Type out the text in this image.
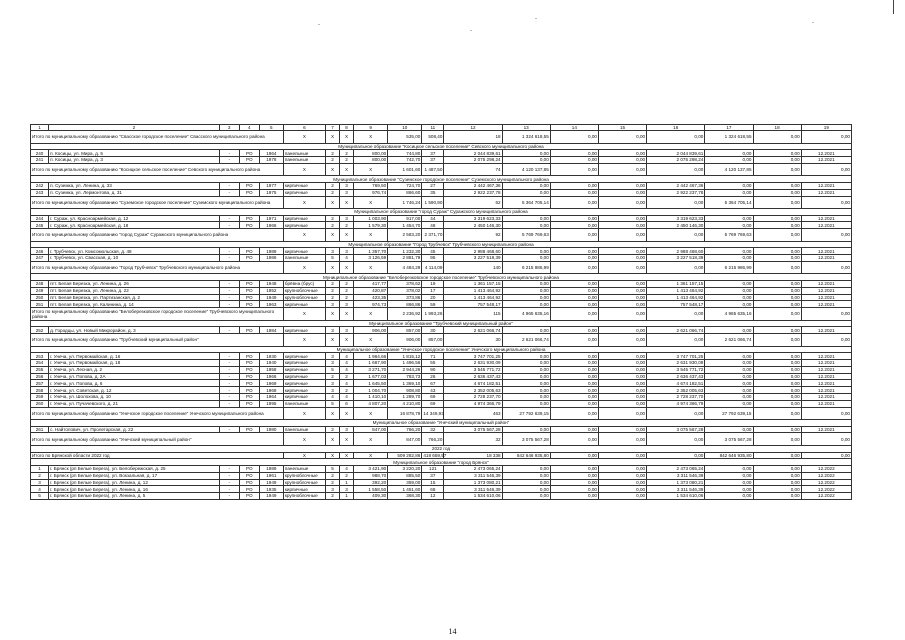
1	2	3	4	5	6	7	8	9	10	11	12	13	14	15	16	17	18	19
Итого по муниципальному образованию "Свасское городское поселение" Свасского муниципального района					X	X	X	X	535,00	508,40	18	1 324 618,55	0,00	0,00	0,00	1 324 618,55	0,00	0,00
Муниципальное образование "Косицкое сельское поселение" Севского муниципального района																		
240	п. Косицы, ул. Мира, д. 5	-	РО	1964	панельные	2	2	800,00	744,80	37	2 044 839,61	0,00	0,00	0,00	2 044 839,61	0,00	0,00	12.2021
241	п. Косицы, ул. Мира, д. 3	-	РО	1978	панельные	2	2	800,00	742,70	37	2 075 298,24	0,00	0,00	0,00	2 075 298,24	0,00	0,00	12.2021
Итого по муниципальному образованию "Косицкое сельское поселение" Севского муниципального района					X	X	X	X	1 601,60	1 487,50	74	4 120 137,85	0,00	0,00	0,00	4 120 137,85	0,00	0,00
Муниципальное образование "Суземское городское поселение" Суземского муниципального района																		
242	п. Суземка, ул. Ленина, д. 33	-	РО	1977	кирпичные	2	3	769,50	724,70	27	2 442 467,36	0,00	0,00	0,00	2 442 467,36	0,00	0,00	12.2021
243	п. Суземка, ул. Лермонтова, д. 31	-	РО	1975	кирпичные	2	3	976,74	866,60	35	2 922 237,78	0,00	0,00	0,00	2 922 237,78	0,00	0,00	12.2021
Итого по муниципальному образованию "Суземское городское поселение" Суземского муниципального района					X	X	X	X	1 746,24	1 590,90	62	5 364 705,14	0,00	0,00	0,00	5 364 705,14	0,00	0,00
Муниципальное образование "город Сураж" Суражского муниципального района																		
244	г. Сураж, ул. Красноармейская, д. 12	-	РО	1971	кирпичные	2	3	1 003,90	917,00	44	3 319 623,33	0,00	0,00	0,00	3 319 623,33	0,00	0,00	12.2021
245	г. Сураж, ул. Красноармейская, д. 18	-	РО	1966	кирпичные	2	2	1 579,30	1 454,70	48	2 450 146,30	0,00	0,00	0,00	2 450 146,30	0,00	0,00	12.2021
Итого по муниципальному образованию "город Сураж" Суражского муниципального района					X	X	X	X	2 583,20	2 371,70	92	5 769 769,63	0,00	0,00	0,00	5 769 769,63	0,00	0,00
Муниципальное образование "Город Трубчевск" Трубчевского муниципального района																		
246	г. Трубчевск, ул. Комсомольская, д. 48	-	РО	1989	кирпичные	3	3	1 357,70	1 232,30	45	2 988 468,60	0,00	0,00	0,00	2 988 468,60	0,00	0,00	12.2021
247	г. Трубчевск, ул. Свасская, д. 10	-	РО	1986	панельные	5	4	3 126,59	2 881,79	95	3 227 518,39	0,00	0,00	0,00	3 227 518,39	0,00	0,00	12.2021
Итого по муниципальному образованию "Город Трубчевск" Трубчевского муниципального района					X	X	X	X	4 484,29	4 114,09	140	6 215 986,99	0,00	0,00	0,00	6 215 986,99	0,00	0,00
Муниципальное образование "Белоберезковское городское поселение" Трубчевского муниципального района																		
248	пгт. Белая Березка, ул. Ленина, д. 26	-	РО	1948	брёвна (брус)	2	2	417,77	378,62	19	1 361 157,15	0,00	0,00	0,00	1 361 157,15	0,00	0,00	12.2021
249	пгт. Белая Березка, ул. Ленина, д. 22	-	РО	1952	крупноблочные	2	2	420,87	378,02	17	1 413 464,92	0,00	0,00	0,00	1 413 464,92	0,00	0,00	12.2021
250	пгт. Белая Березка, ул. Партизанская, д. 2	-	РО	1949	крупноблочные	2	2	423,35	373,86	20	1 413 464,92	0,00	0,00	0,00	1 413 464,92	0,00	0,00	12.2021
251	пгт. Белая Березка, ул. Калинина, д. 14	-	РО	1963	кирпичные	3	3	974,73	866,86	59	757 548,17	0,00	0,00	0,00	757 548,17	0,00	0,00	12.2021
Итого по муниципальному образованию "Белоберезковское городское поселение" Трубчевского муниципального района					X	X	X	X	2 236,92	1 993,26	115	4 965 635,16	0,00	0,00	0,00	4 965 635,16	0,00	0,00
Муниципальное образование "Трубчевский муниципальный район"																		
252	д. Городцы, ул. Новый Микрорайон, д. 3	-	РО	1984	кирпичные	3	3	906,00	857,00	30	2 621 066,74	0,00	0,00	0,00	2 621 066,74	0,00	0,00	12.2021
Итого по муниципальному образованию "Трубчевский муниципальный район"					X	X	X	X	906,00	857,00	30	2 621 066,74	0,00	0,00	0,00	2 621 066,74	0,00	0,00
Муниципальное образование "Унечское городское поселение" Унечского муниципального района																		
253	г. Унеча, ул. Первомайская, д. 16	-	РО	1930	кирпичные	3	4	1 964,66	1 815,12	71	3 747 701,25	0,00	0,00	0,00	3 747 701,25	0,00	0,00	12.2021
254	г. Унеча, ул. Первомайская, д. 18	-	РО	1940	кирпичные	3	4	1 667,90	1 496,56	55	2 631 930,09	0,00	0,00	0,00	2 631 930,09	0,00	0,00	12.2021
255	г. Унеча, ул. Лесная, д. 2	-	РО	1958	кирпичные	5	4	3 271,70	2 944,26	90	3 545 771,72	0,00	0,00	0,00	3 545 771,72	0,00	0,00	12.2021
256	г. Унеча, ул. Попова, д. 2А	-	РО	1966	кирпичные	2	2	1 677,03	783,73	26	2 636 437,43	0,00	0,00	0,00	2 636 437,43	0,00	0,00	12.2021
257	г. Унеча, ул. Попова, д. 6	-	РО	1969	кирпичные	3	4	1 645,50	1 369,10	67	4 674 182,51	0,00	0,00	0,00	4 674 182,51	0,00	0,00	12.2021
258	г. Унеча, ул. Советская, д. 12	-	РО	1968	кирпичные	3	2	1 004,70	908,80	43	2 352 005,63	0,00	0,00	0,00	2 352 005,63	0,00	0,00	12.2021
259	г. Унеча, ул. Шолохова, д. 10	-	РО	1964	кирпичные	4	4	1 410,10	1 289,70	69	2 728 237,70	0,00	0,00	0,00	2 728 237,70	0,00	0,00	12.2021
260	г. Унеча, ул. Пучачевского, д. 21	-	РО	1995	панельные	5	6	4 807,20	4 210,80	69	4 974 366,79	0,00	0,00	0,00	4 974 366,79	0,00	0,00	12.2021
Итого по муниципальному образованию "Унечское городское поселение" Унечского муниципального района					X	X	X	X	16 878,79	14 349,93	463	27 792 639,15	0,00	0,00	0,00	27 792 639,15	0,00	0,00
Муниципальное образование "Унечский муниципальный район"																		
261	с. Найтопович, ул. Пролетарская, д. 22	-	РО	1980	панельные	2	3	847,00	766,20	32	3 075 567,28	0,00	0,00	0,00	3 075 567,28	0,00	0,00	12.2021
Итого по муниципальному образованию "Унечский муниципальный район"					X	X	X	X	847,00	766,20	32	3 075 567,28	0,00	0,00	0,00	3 075 567,28	0,00	0,00
2022 год																		
Итого по Брянской области 2022 год					X	X	X	X	509 282,86	418 659,57	18 338	842 646 935,80	0,00	0,00	0,00	842 646 935,80	0,00	0,00
Муниципальное образование "город Брянск"																		
1	г. Брянск (рп Белые Берега), ул. Белобережская, д. 25	-	РО	1989	панельные	5	4	3 421,90	3 220,20	121	2 473 065,24	0,00	0,00	0,00	2 473 065,24	0,00	0,00	12.2022
2	г. Брянск (рп Белые Берега), ул. Вокзальная, д. 17	-	РО	1961	крупноблочные	2	2	988,70	885,50	37	3 311 546,39	0,00	0,00	0,00	3 311 546,39	0,00	0,00	12.2022
3	г. Брянск (рп Белые Берега), ул. Ленина, д. 12	-	РО	1949	крупноблочные	2	1	392,20	359,00	15	1 373 080,21	0,00	0,00	0,00	1 373 080,21	0,00	0,00	12.2022
4	г. Брянск (рп Белые Берега), ул. Ленина, д. 16	-	РО	1935	кирпичные	3	3	1 558,50	1 451,60	68	3 311 546,39	0,00	0,00	0,00	3 311 546,39	0,00	0,00	12.2022
5	г. Брянск (рп Белые Берега), ул. Ленина, д. 5	-	РО	1949	крупноблочные	2	1	409,30	368,30	12	1 534 610,06	0,00	0,00	0,00	1 534 610,06	0,00	0,00	12.2022
14
